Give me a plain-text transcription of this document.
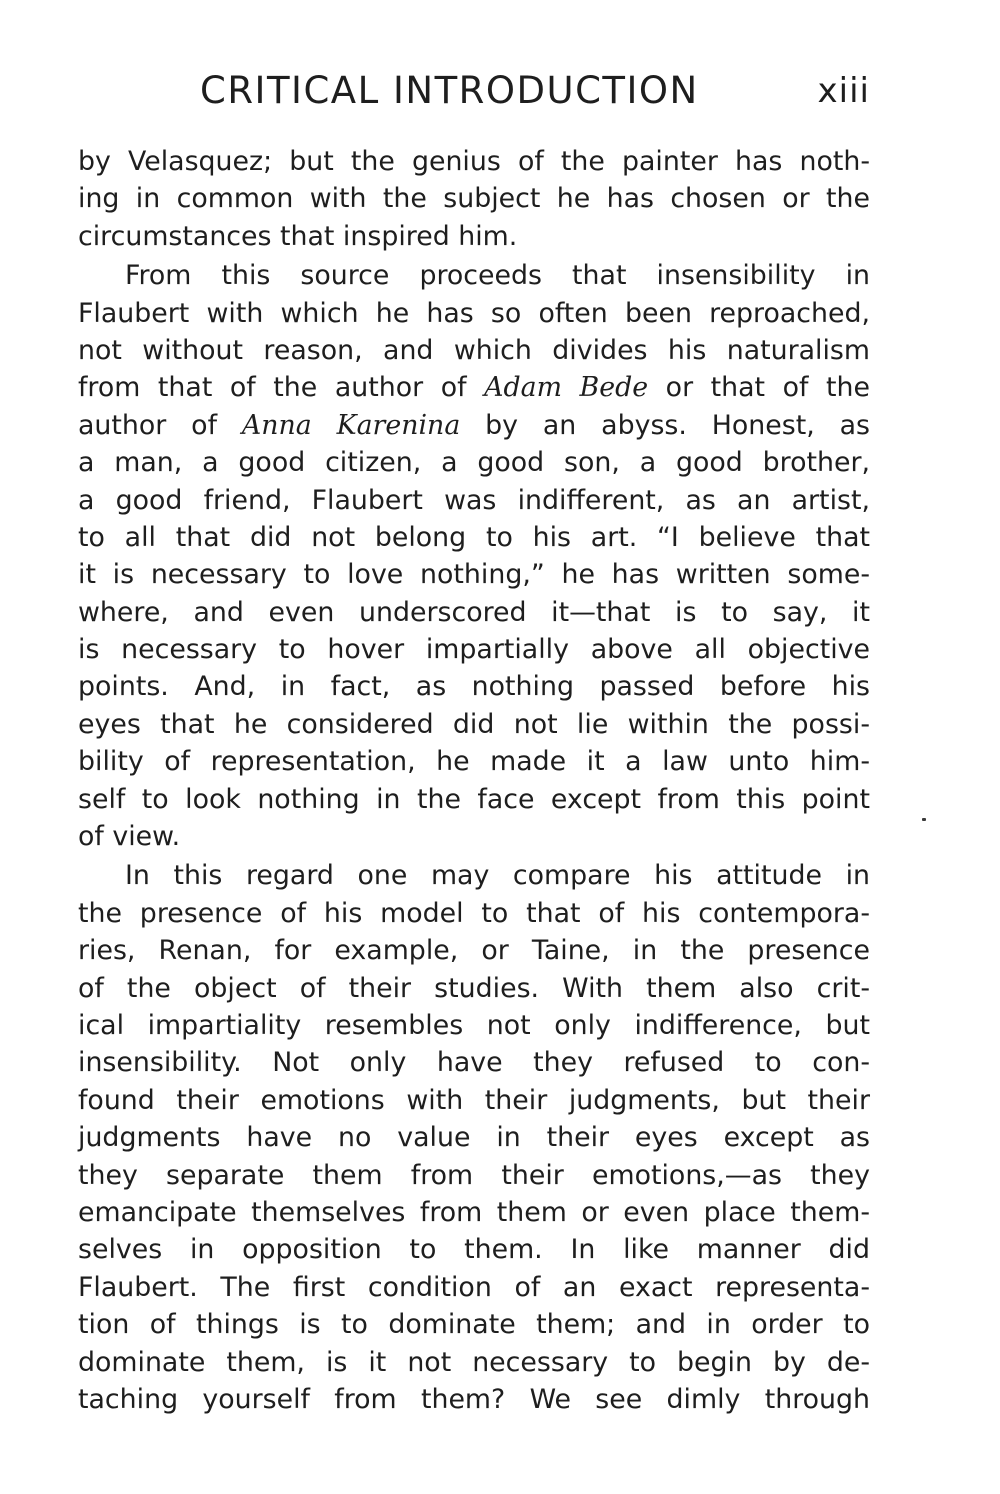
CRITICAL INTRODUCTION	xiii
by Velasquez; but the genius of the painter has noth-
ing in common with the subject he has chosen or the
circumstances that inspired him.
From this source proceeds that insensibility in
Flaubert with which he has so often been reproached,
not without reason, and which divides his naturalism
from that of the author of Adam Bede or that of the
author of Anna Karenina by an abyss. Honest, as
a man, a good citizen, a good son, a good brother,
a good friend, Flaubert was indifferent, as an artist,
to all that did not belong to his art. “I believe that
it is necessary to love nothing,” he has written some-
where, and even underscored it—that is to say, it
is necessary to hover impartially above all objective
points. And, in fact, as nothing passed before his
eyes that he considered did not lie within the possi-
bility of representation, he made it a law unto him-
self to look nothing in the face except from this point
of view.
In this regard one may compare his attitude in
the presence of his model to that of his contempora-
ries, Renan, for example, or Taine, in the presence
of the object of their studies. With them also crit-
ical impartiality resembles not only indifference, but
insensibility. Not only have they refused to con-
found their emotions with their judgments, but their
judgments have no value in their eyes except as
they separate them from their emotions,—as they
emancipate themselves from them or even place them-
selves in opposition to them. In like manner did
Flaubert. The first condition of an exact representa-
tion of things is to dominate them; and in order to
dominate them, is it not necessary to begin by de-
taching yourself from them? We see dimly through
